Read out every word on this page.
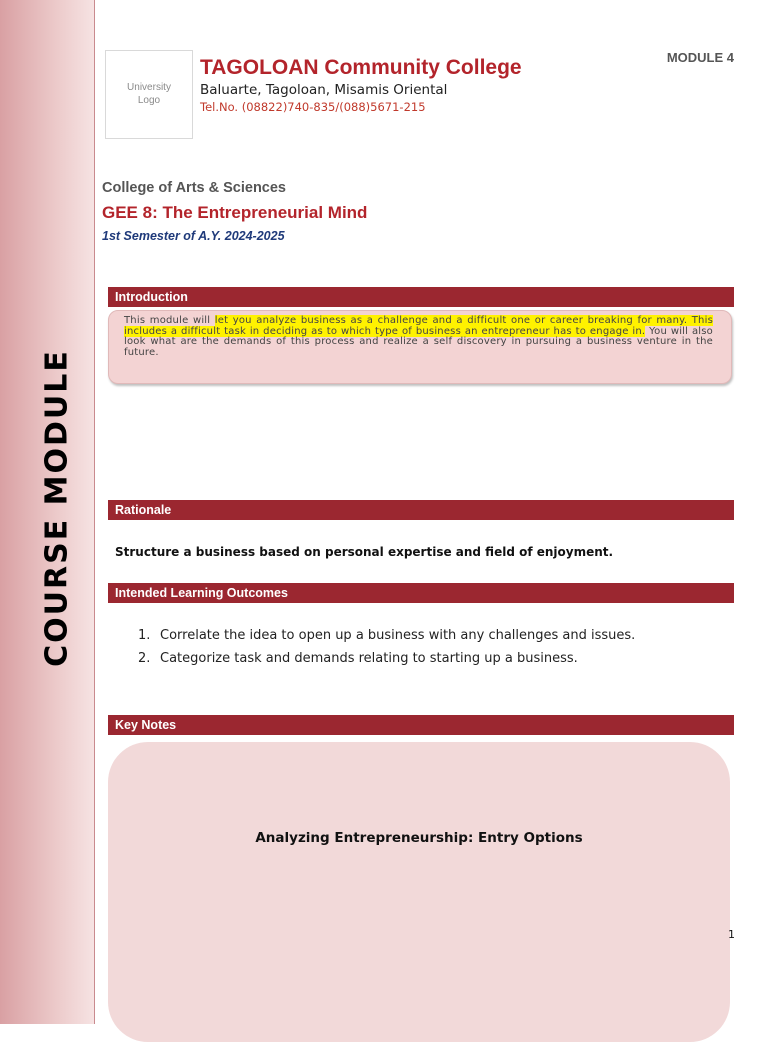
COURSE MODULE
University
Logo
TAGOLOAN Community College
Baluarte, Tagoloan, Misamis Oriental
Tel.No. (08822)740-835/(088)5671-215
MODULE 4
College of Arts & Sciences
GEE 8: The Entrepreneurial Mind
1st Semester of A.Y. 2024-2025
Introduction
This module will let you analyze business as a challenge and a difficult one or career breaking for many. This includes a difficult task in deciding as to which type of business an entrepreneur has to engage in. You will also look what are the demands of this process and realize a self discovery in pursuing a business venture in the future.
Rationale
Structure a business based on personal expertise and field of enjoyment.
Intended Learning Outcomes
1. Correlate the idea to open up a business with any challenges and issues.
2. Categorize task and demands relating to starting up a business.
Key Notes
Analyzing Entrepreneurship: Entry Options
1
